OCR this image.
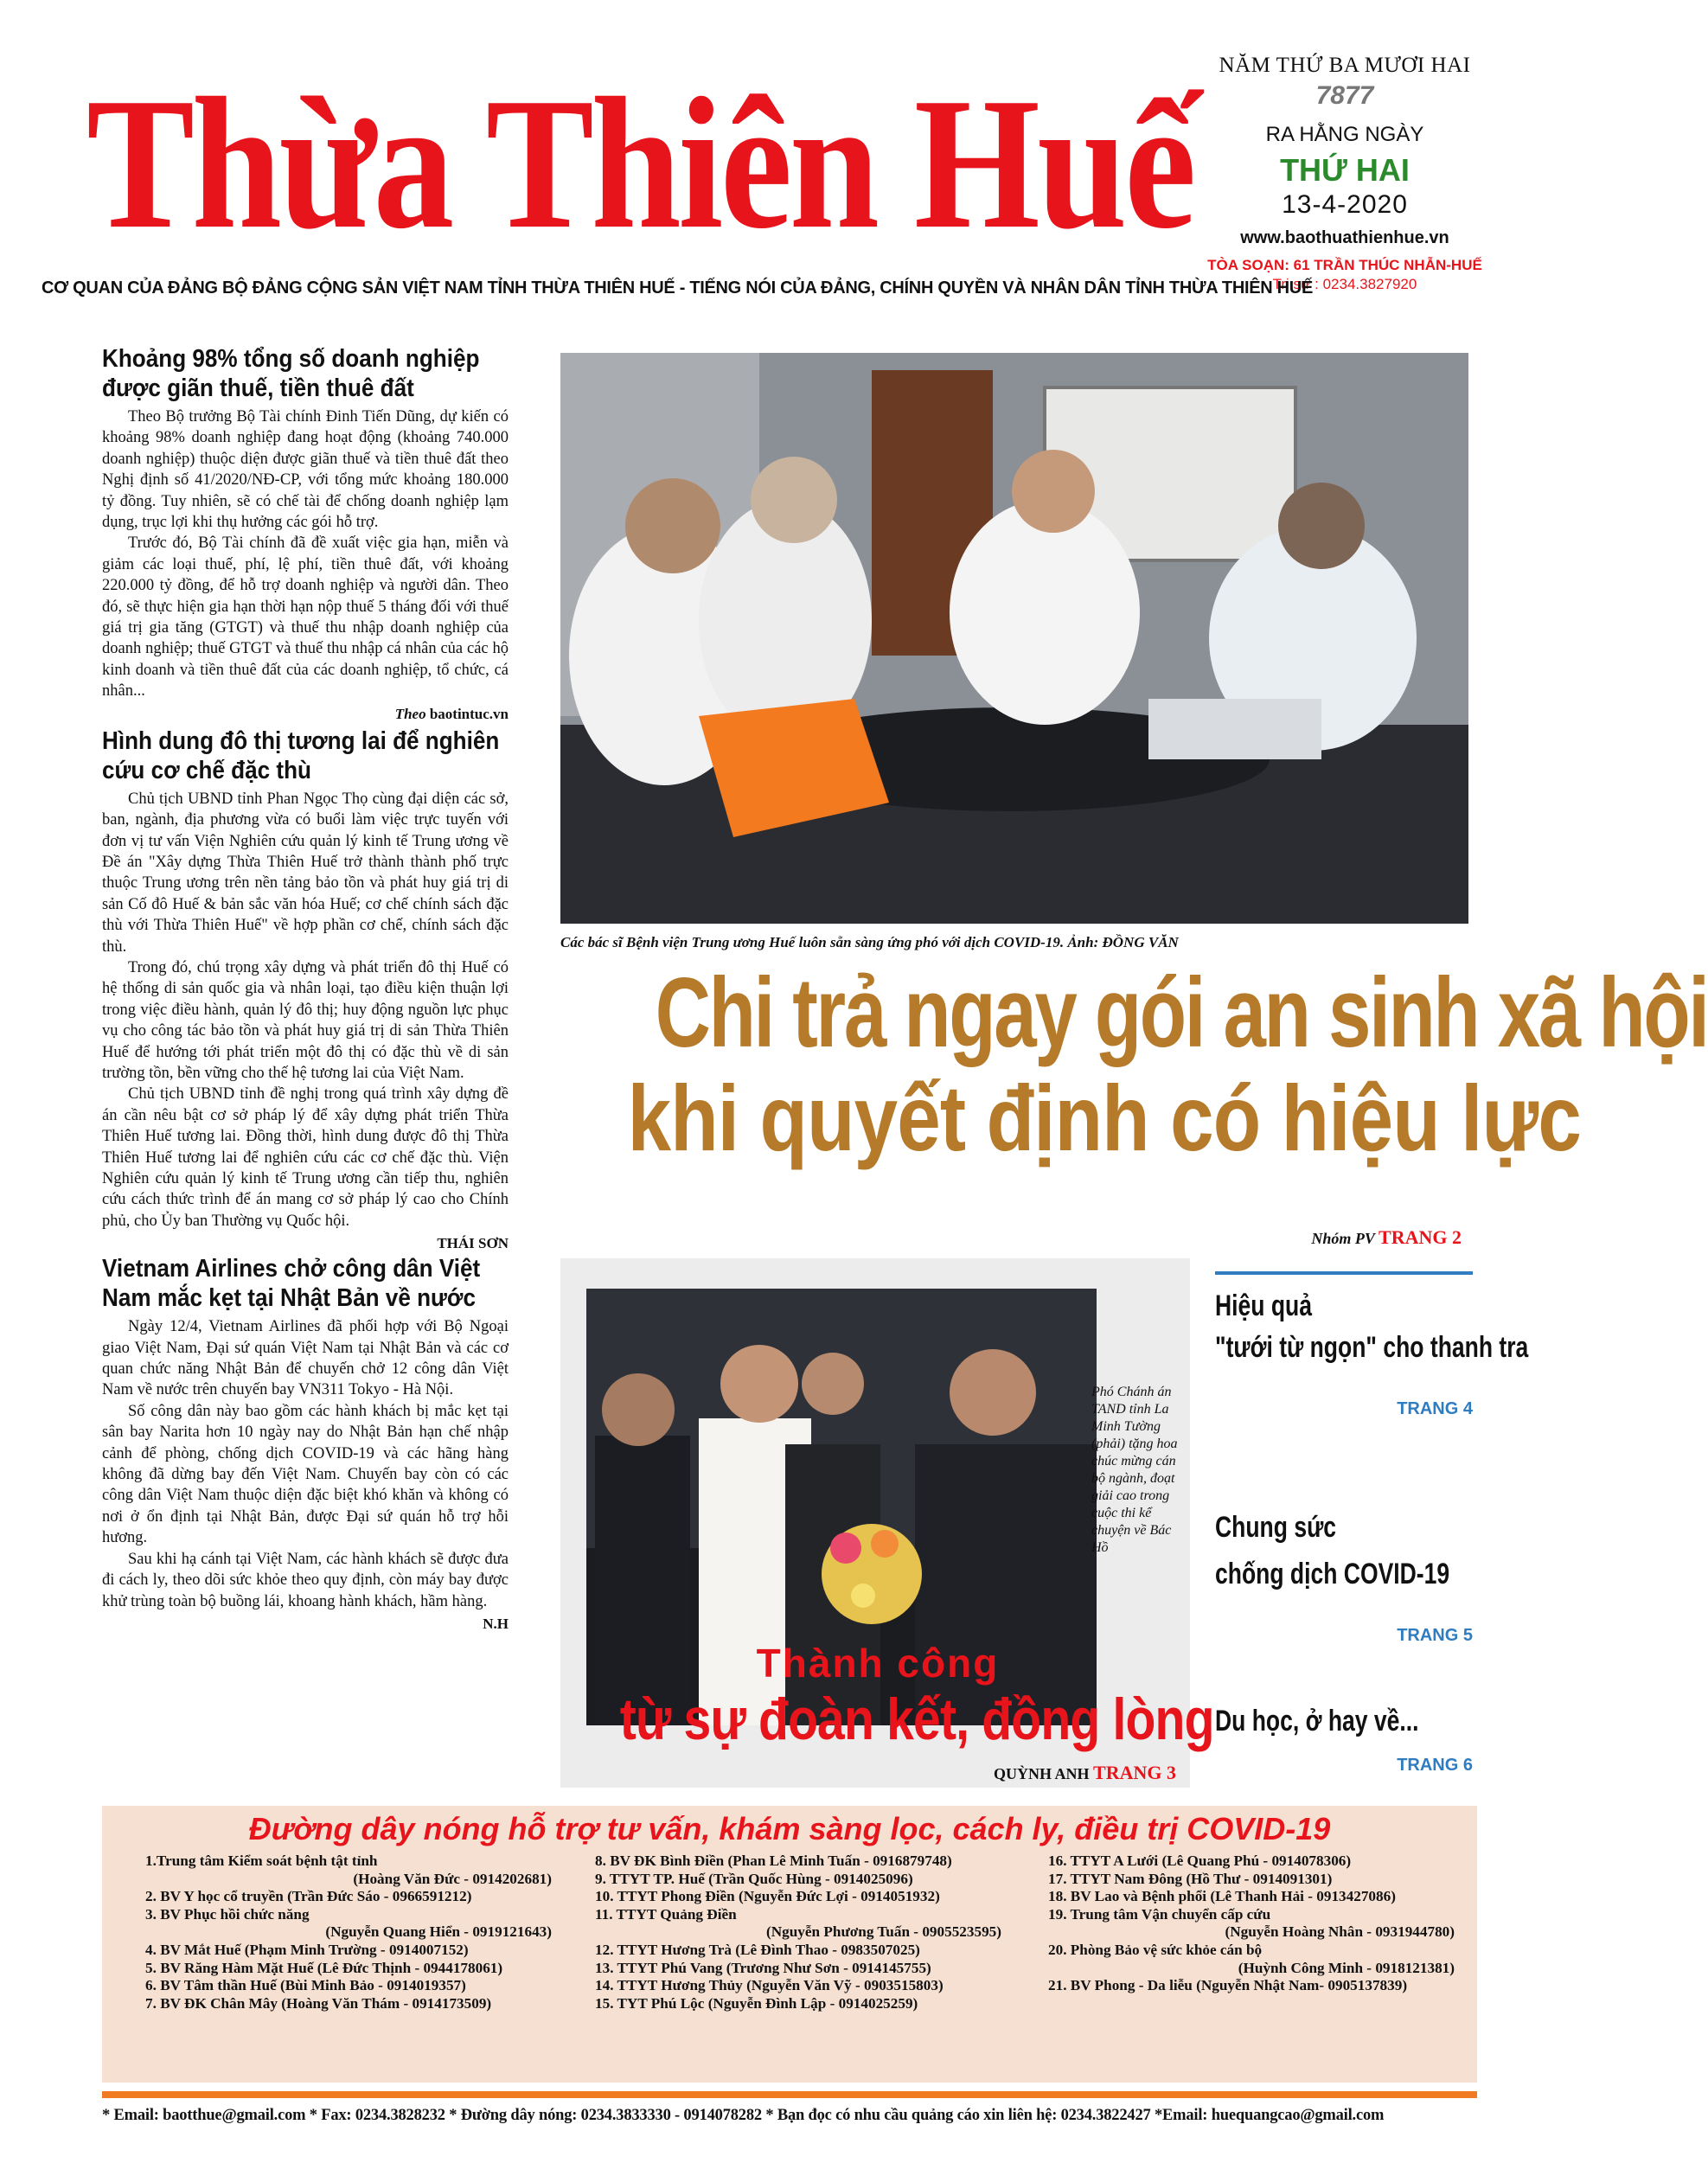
Thừa Thiên Huế	NĂM THỨ BA MƯƠI HAI
7877
RA HẰNG NGÀY
THỨ HAI
13-4-2020
www.baothuathienhue.vn
TÒA SOẠN: 61 TRẦN THÚC NHẪN-HUẾ
Trị sự : 0234.3827920
CƠ QUAN CỦA ĐẢNG BỘ ĐẢNG CỘNG SẢN VIỆT NAM TỈNH THỪA THIÊN HUẾ - TIẾNG NÓI CỦA ĐẢNG, CHÍNH QUYỀN VÀ NHÂN DÂN TỈNH THỪA THIÊN HUẾ
Khoảng 98% tổng số doanh nghiệp được giãn thuế, tiền thuê đất

Theo Bộ trưởng Bộ Tài chính Đinh Tiến Dũng, dự kiến có khoảng 98% doanh nghiệp đang hoạt động (khoảng 740.000 doanh nghiệp) thuộc diện được giãn thuế và tiền thuê đất theo Nghị định số 41/2020/NĐ-CP, với tổng mức khoảng 180.000 tỷ đồng. Tuy nhiên, sẽ có chế tài để chống doanh nghiệp lạm dụng, trục lợi khi thụ hưởng các gói hỗ trợ.

Trước đó, Bộ Tài chính đã đề xuất việc gia hạn, miễn và giảm các loại thuế, phí, lệ phí, tiền thuê đất, với khoảng 220.000 tỷ đồng, để hỗ trợ doanh nghiệp và người dân. Theo đó, sẽ thực hiện gia hạn thời hạn nộp thuế 5 tháng đối với thuế giá trị gia tăng (GTGT) và thuế thu nhập doanh nghiệp của doanh nghiệp; thuế GTGT và thuế thu nhập cá nhân của các hộ kinh doanh và tiền thuê đất của các doanh nghiệp, tổ chức, cá nhân...

Theo baotintuc.vn
Hình dung đô thị tương lai để nghiên cứu cơ chế đặc thù

Chủ tịch UBND tỉnh Phan Ngọc Thọ cùng đại diện các sở, ban, ngành, địa phương vừa có buổi làm việc trực tuyến với đơn vị tư vấn Viện Nghiên cứu quản lý kinh tế Trung ương về Đề án "Xây dựng Thừa Thiên Huế trở thành thành phố trực thuộc Trung ương trên nền tảng bảo tồn và phát huy giá trị di sản Cố đô Huế & bản sắc văn hóa Huế; cơ chế chính sách đặc thù với Thừa Thiên Huế" về hợp phần cơ chế, chính sách đặc thù.

Trong đó, chú trọng xây dựng và phát triển đô thị Huế có hệ thống di sản quốc gia và nhân loại, tạo điều kiện thuận lợi trong việc điều hành, quản lý đô thị; huy động nguồn lực phục vụ cho công tác bảo tồn và phát huy giá trị di sản Thừa Thiên Huế để hướng tới phát triển một đô thị có đặc thù về di sản trường tồn, bền vững cho thế hệ tương lai của Việt Nam.

Chủ tịch UBND tỉnh đề nghị trong quá trình xây dựng đề án cần nêu bật cơ sở pháp lý để xây dựng phát triển Thừa Thiên Huế tương lai. Đồng thời, hình dung được đô thị Thừa Thiên Huế tương lai để nghiên cứu các cơ chế đặc thù. Viện Nghiên cứu quản lý kinh tế Trung ương cần tiếp thu, nghiên cứu cách thức trình để án mang cơ sở pháp lý cao cho Chính phủ, cho Ủy ban Thường vụ Quốc hội.

THÁI SƠN
Vietnam Airlines chở công dân Việt Nam mắc kẹt tại Nhật Bản về nước

Ngày 12/4, Vietnam Airlines đã phối hợp với Bộ Ngoại giao Việt Nam, Đại sứ quán Việt Nam tại Nhật Bản và các cơ quan chức năng Nhật Bản để chuyến chở 12 công dân Việt Nam về nước trên chuyến bay VN311 Tokyo - Hà Nội.

Số công dân này bao gồm các hành khách bị mắc kẹt tại sân bay Narita hơn 10 ngày nay do Nhật Bản hạn chế nhập cảnh để phòng, chống dịch COVID-19 và các hãng hàng không đã dừng bay đến Việt Nam. Chuyến bay còn có các công dân Việt Nam thuộc diện đặc biệt khó khăn và không có nơi ở ổn định tại Nhật Bản, được Đại sứ quán hỗ trợ hỗi hương.

Sau khi hạ cánh tại Việt Nam, các hành khách sẽ được đưa đi cách ly, theo dõi sức khỏe theo quy định, còn máy bay được khử trùng toàn bộ buồng lái, khoang hành khách, hầm hàng.

N.H
Các bác sĩ Bệnh viện Trung ương Huế luôn sẵn sàng ứng phó với dịch COVID-19. Ảnh: ĐỒNG VĂN
Chi trả ngay gói an sinh xã hội
khi quyết định có hiệu lực
Nhóm PV TRANG 2
Phó Chánh án TAND tỉnh La Minh Tường (phải) tặng hoa chúc mừng cán bộ ngành, đoạt giải cao trong cuộc thi kể chuyện về Bác Hồ
Thành công
từ sự đoàn kết, đồng lòng
QUỲNH ANH TRANG 3
Hiệu quả
"tưới từ ngọn" cho thanh tra
TRANG 4
Chung sức
chống dịch COVID-19
TRANG 5
Du học, ở hay về...
TRANG 6
Đường dây nóng hỗ trợ tư vấn, khám sàng lọc, cách ly, điều trị COVID-19
1.Trung tâm Kiểm soát bệnh tật tỉnh
(Hoàng Văn Đức - 0914202681)
2. BV Y học cổ truyền (Trần Đức Sáo - 0966591212)
3. BV Phục hồi chức năng
(Nguyễn Quang Hiển - 0919121643)
4. BV Mắt Huế (Phạm Minh Trường - 0914007152)
5. BV Răng Hàm Mặt Huế (Lê Đức Thịnh - 0944178061)
6. BV Tâm thần Huế (Bùi Minh Bảo - 0914019357)
7. BV ĐK Chân Mây (Hoàng Văn Thám - 0914173509)
8. BV ĐK Bình Điền (Phan Lê Minh Tuấn - 0916879748)
9. TTYT TP. Huế (Trần Quốc Hùng - 0914025096)
10. TTYT Phong Điền (Nguyễn Đức Lợi - 0914051932)
11. TTYT Quảng Điền
(Nguyễn Phương Tuấn - 0905523595)
12. TTYT Hương Trà (Lê Đình Thao - 0983507025)
13. TTYT Phú Vang (Trương Như Sơn - 0914145755)
14. TTYT Hương Thủy (Nguyễn Văn Vỹ - 0903515803)
15. TYT Phú Lộc (Nguyễn Đình Lập - 0914025259)
16. TTYT A Lưới (Lê Quang Phú - 0914078306)
17. TTYT Nam Đông (Hồ Thư - 0914091301)
18. BV Lao và Bệnh phổi (Lê Thanh Hải - 0913427086)
19. Trung tâm Vận chuyển cấp cứu
(Nguyễn Hoàng Nhân - 0931944780)
20. Phòng Bảo vệ sức khỏe cán bộ
(Huỳnh Công Minh - 0918121381)
21. BV Phong - Da liễu (Nguyễn Nhật Nam- 0905137839)
* Email: baotthue@gmail.com * Fax: 0234.3828232 * Đường dây nóng: 0234.3833330 - 0914078282 * Bạn đọc có nhu cầu quảng cáo xin liên hệ: 0234.3822427 *Email: huequangcao@gmail.com
